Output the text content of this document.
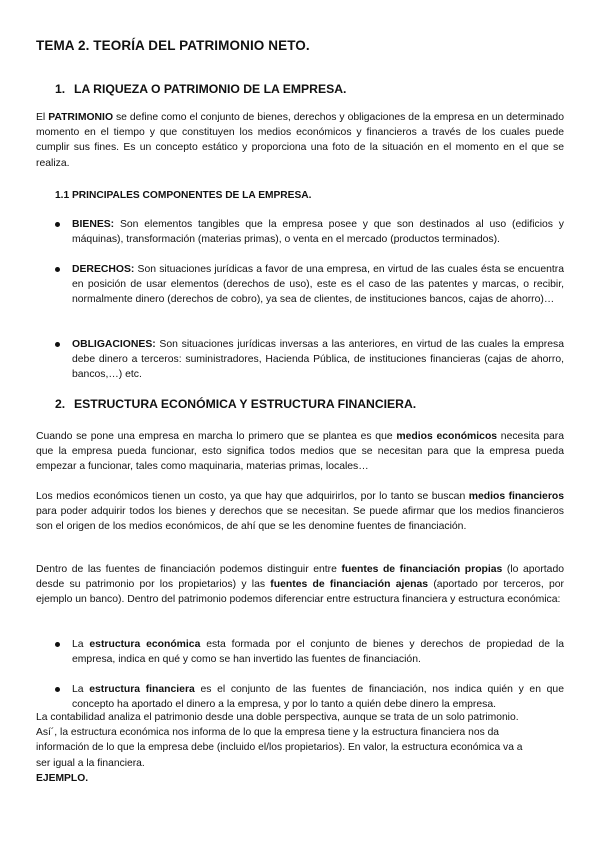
TEMA 2. TEORÍA DEL PATRIMONIO NETO.
1. LA RIQUEZA O PATRIMONIO DE LA EMPRESA.
El PATRIMONIO se define como el conjunto de bienes, derechos y obligaciones de la empresa en un determinado momento en el tiempo y que constituyen los medios económicos y financieros a través de los cuales puede cumplir sus fines. Es un concepto estático y proporciona una foto de la situación en el momento en el que se realiza.
1.1 PRINCIPALES COMPONENTES DE LA EMPRESA.
BIENES: Son elementos tangibles que la empresa posee y que son destinados al uso (edificios y máquinas), transformación (materias primas), o venta en el mercado (productos terminados).
DERECHOS: Son situaciones jurídicas a favor de una empresa, en virtud de las cuales ésta se encuentra en posición de usar elementos (derechos de uso), este es el caso de las patentes y marcas, o recibir, normalmente dinero (derechos de cobro), ya sea de clientes, de instituciones bancos, cajas de ahorro)…
OBLIGACIONES: Son situaciones jurídicas inversas a las anteriores, en virtud de las cuales la empresa debe dinero a terceros: suministradores, Hacienda Pública, de instituciones financieras (cajas de ahorro, bancos,…) etc.
2. ESTRUCTURA ECONÓMICA Y ESTRUCTURA FINANCIERA.
Cuando se pone una empresa en marcha lo primero que se plantea es que medios económicos necesita para que la empresa pueda funcionar, esto significa todos medios que se necesitan para que la empresa pueda empezar a funcionar, tales como maquinaria, materias primas, locales…
Los medios económicos tienen un costo, ya que hay que adquirirlos, por lo tanto se buscan medios financieros para poder adquirir todos los bienes y derechos que se necesitan. Se puede afirmar que los medios financieros son el origen de los medios económicos, de ahí que se les denomine fuentes de financiación.
Dentro de las fuentes de financiación podemos distinguir entre fuentes de financiación propias (lo aportado desde su patrimonio por los propietarios) y las fuentes de financiación ajenas (aportado por terceros, por ejemplo un banco). Dentro del patrimonio podemos diferenciar entre estructura financiera y estructura económica:
La estructura económica esta formada por el conjunto de bienes y derechos de propiedad de la empresa, indica en qué y como se han invertido las fuentes de financiación.
La estructura financiera es el conjunto de las fuentes de financiación, nos indica quién y en que concepto ha aportado el dinero a la empresa, y por lo tanto a quién debe dinero la empresa.
La contabilidad analiza el patrimonio desde una doble perspectiva, aunque se trata de un solo patrimonio.
Así´, la estructura económica nos informa de lo que la empresa tiene y la estructura financiera nos da
información de lo que la empresa debe (incluido el/los propietarios). En valor, la estructura económica va a
ser igual a la financiera.
EJEMPLO.
